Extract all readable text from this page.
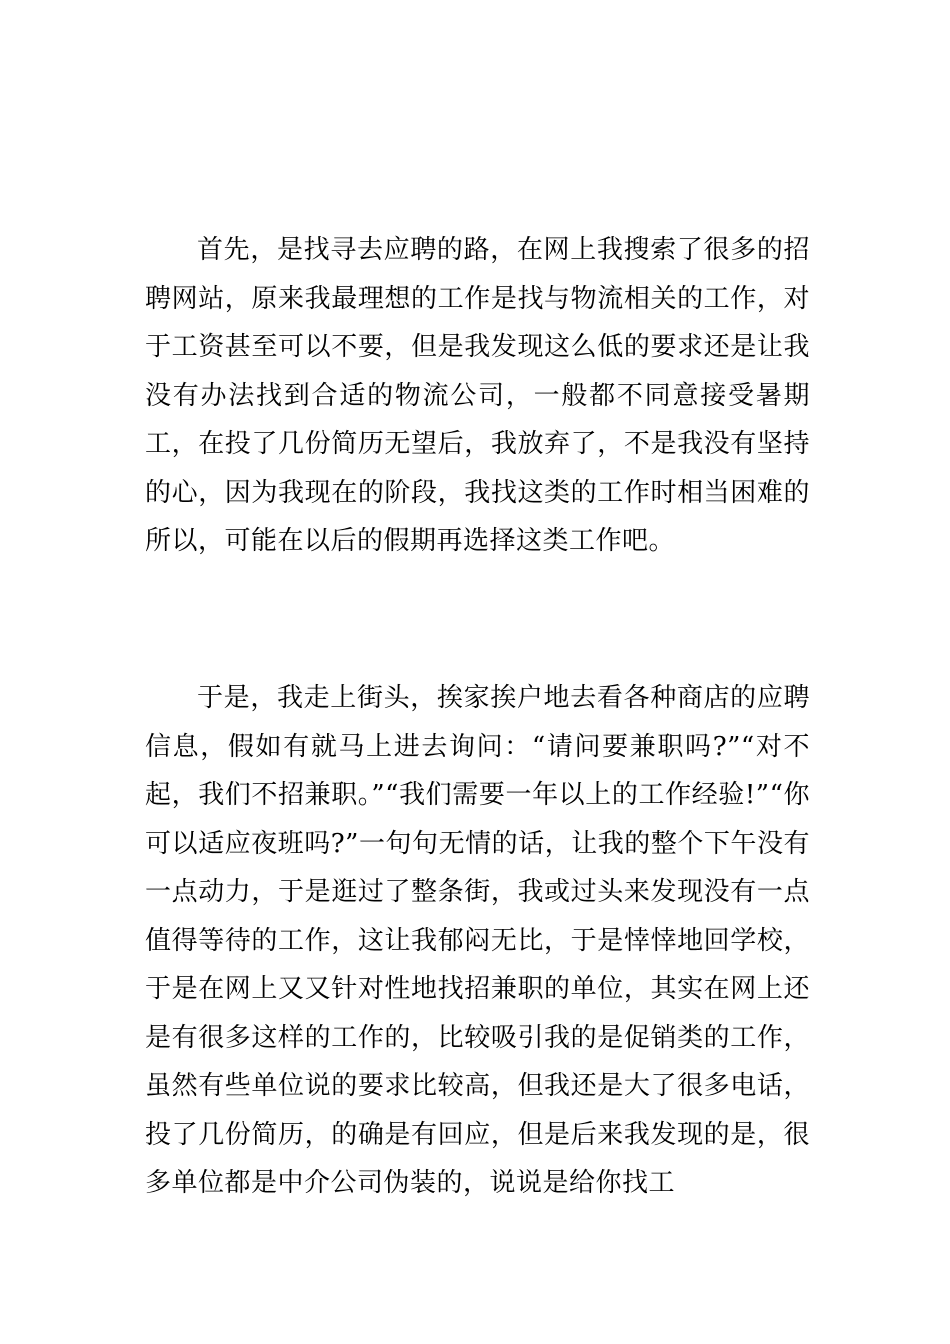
首先，是找寻去应聘的路，在网上我搜索了很多的招聘网站，原来我最理想的工作是找与物流相关的工作，对于工资甚至可以不要，但是我发现这么低的要求还是让我没有办法找到合适的物流公司，一般都不同意接受暑期工，在投了几份简历无望后，我放弃了，不是我没有坚持的心，因为我现在的阶段，我找这类的工作时相当困难的所以，可能在以后的假期再选择这类工作吧。

于是，我走上街头，挨家挨户地去看各种商店的应聘信息，假如有就马上进去询问：“请问要兼职吗?”“对不起，我们不招兼职。”“我们需要一年以上的工作经验!”“你可以适应夜班吗?”一句句无情的话，让我的整个下午没有一点动力，于是逛过了整条街，我或过头来发现没有一点值得等待的工作，这让我郁闷无比，于是悻悻地回学校，于是在网上又又针对性地找招兼职的单位，其实在网上还是有很多这样的工作的，比较吸引我的是促销类的工作，虽然有些单位说的要求比较高，但我还是大了很多电话，投了几份简历，的确是有回应，但是后来我发现的是，很多单位都是中介公司伪装的，说说是给你找工
